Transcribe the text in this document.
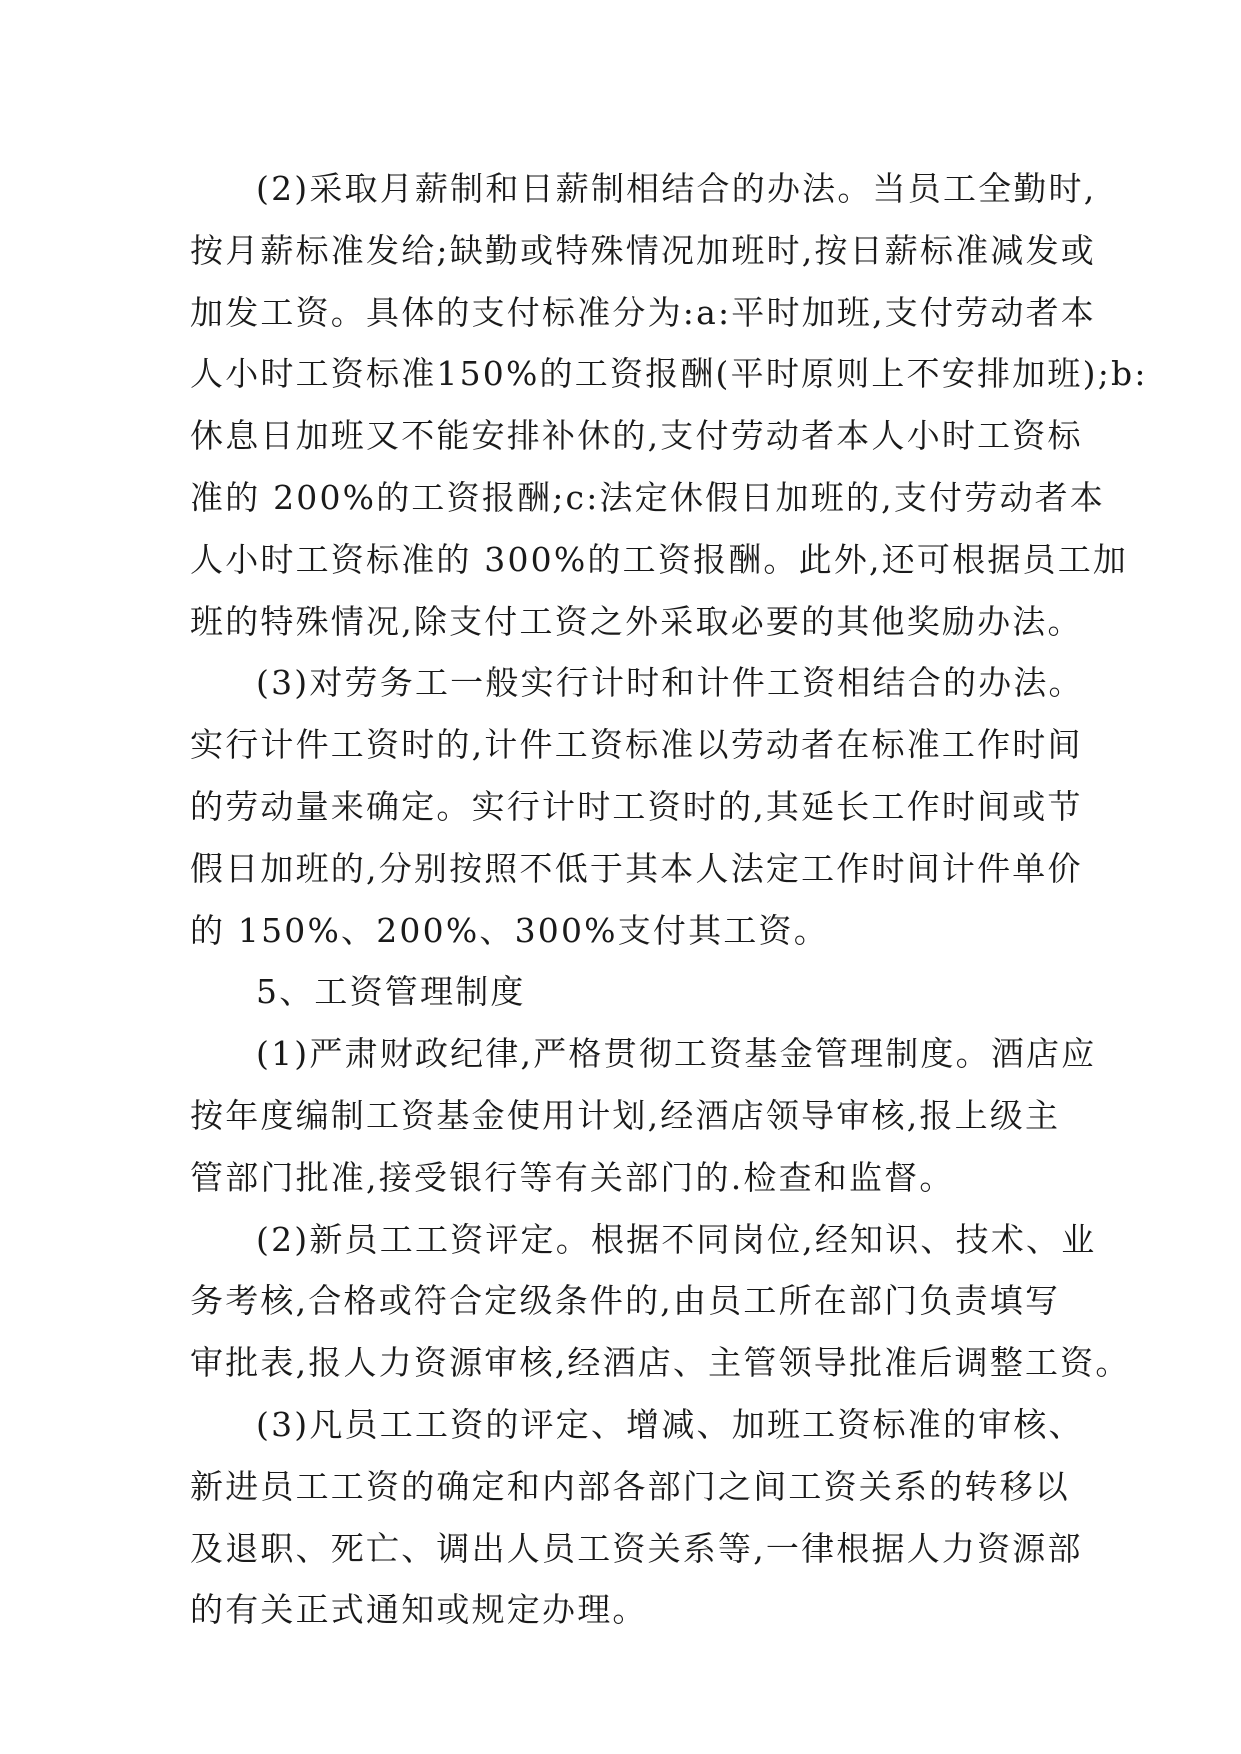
(2)采取月薪制和日薪制相结合的办法。当员工全勤时,
按月薪标准发给;缺勤或特殊情况加班时,按日薪标准减发或
加发工资。具体的支付标准分为:a:平时加班,支付劳动者本
人小时工资标准150%的工资报酬(平时原则上不安排加班);b:
休息日加班又不能安排补休的,支付劳动者本人小时工资标
准的 200%的工资报酬;c:法定休假日加班的,支付劳动者本
人小时工资标准的 300%的工资报酬。此外,还可根据员工加
班的特殊情况,除支付工资之外采取必要的其他奖励办法。
(3)对劳务工一般实行计时和计件工资相结合的办法。
实行计件工资时的,计件工资标准以劳动者在标准工作时间
的劳动量来确定。实行计时工资时的,其延长工作时间或节
假日加班的,分别按照不低于其本人法定工作时间计件单价
的 150%、200%、300%支付其工资。
5、工资管理制度
(1)严肃财政纪律,严格贯彻工资基金管理制度。酒店应
按年度编制工资基金使用计划,经酒店领导审核,报上级主
管部门批准,接受银行等有关部门的.检查和监督。
(2)新员工工资评定。根据不同岗位,经知识、技术、业
务考核,合格或符合定级条件的,由员工所在部门负责填写
审批表,报人力资源审核,经酒店、主管领导批准后调整工资。
(3)凡员工工资的评定、增减、加班工资标准的审核、
新进员工工资的确定和内部各部门之间工资关系的转移以
及退职、死亡、调出人员工资关系等,一律根据人力资源部
的有关正式通知或规定办理。
